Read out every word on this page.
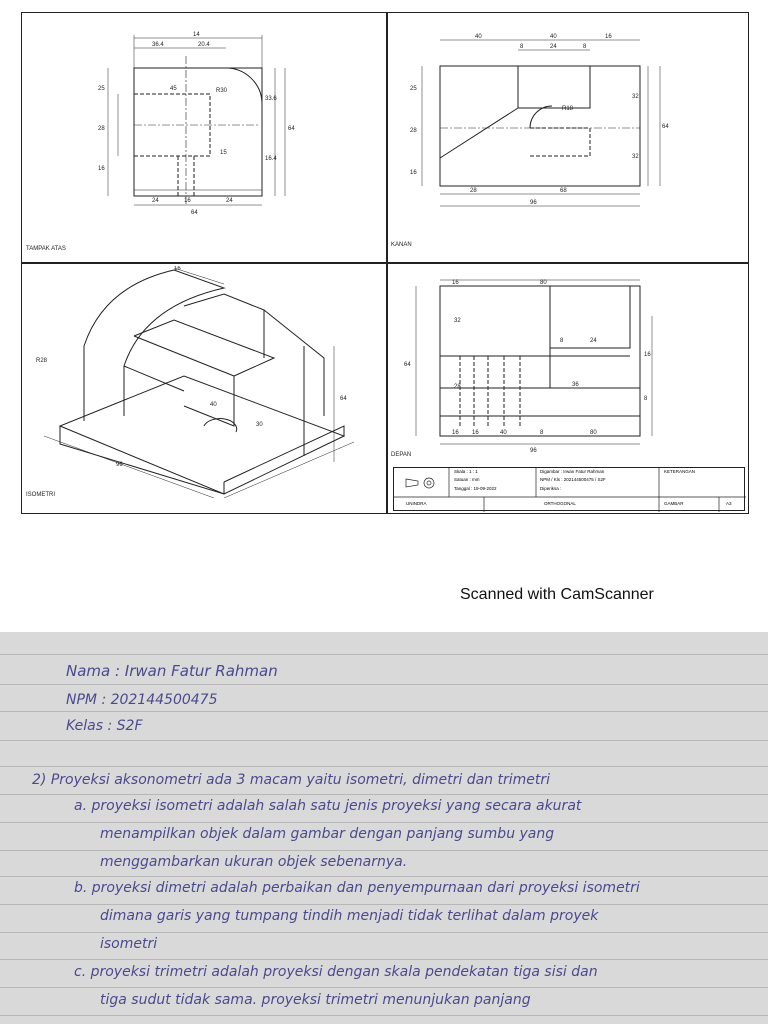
14
36.4	20.4
45	R30
15
24	16	24
64
25
28
16
33.6
64
16.4
TAMPAK ATAS
40	40	16
8	24	8
R18
25
28
16
32
64
32
28	68
96
KANAN
16
R28
40
30
96
64
ISOMETRI
16	80
64
32
28
8	24
16
36
8
16 16	40	8	80
96
DEPAN
Skala : 1 : 1
Satuan : mm
Tanggal : 19-09-2022
Digambar : Irwan Fatur Rahman
NPM / Kls : 202144500475 / S2F
Diperiksa :
KETERANGAN
UNINDRA	ORTHOGONAL	GAMBAR	A3
Scanned with CamScanner
Nama : Irwan Fatur Rahman
NPM : 202144500475
Kelas : S2F
2) Proyeksi aksonometri ada 3 macam yaitu isometri, dimetri dan trimetri
a. proyeksi isometri adalah salah satu jenis proyeksi yang secara akurat
menampilkan objek dalam gambar dengan panjang sumbu yang
menggambarkan ukuran objek sebenarnya.
b. proyeksi dimetri adalah perbaikan dan penyempurnaan dari proyeksi isometri
dimana garis yang tumpang tindih menjadi tidak terlihat dalam proyek
isometri
c. proyeksi trimetri adalah proyeksi dengan skala pendekatan tiga sisi dan
tiga sudut tidak sama. proyeksi trimetri menunjukan panjang
